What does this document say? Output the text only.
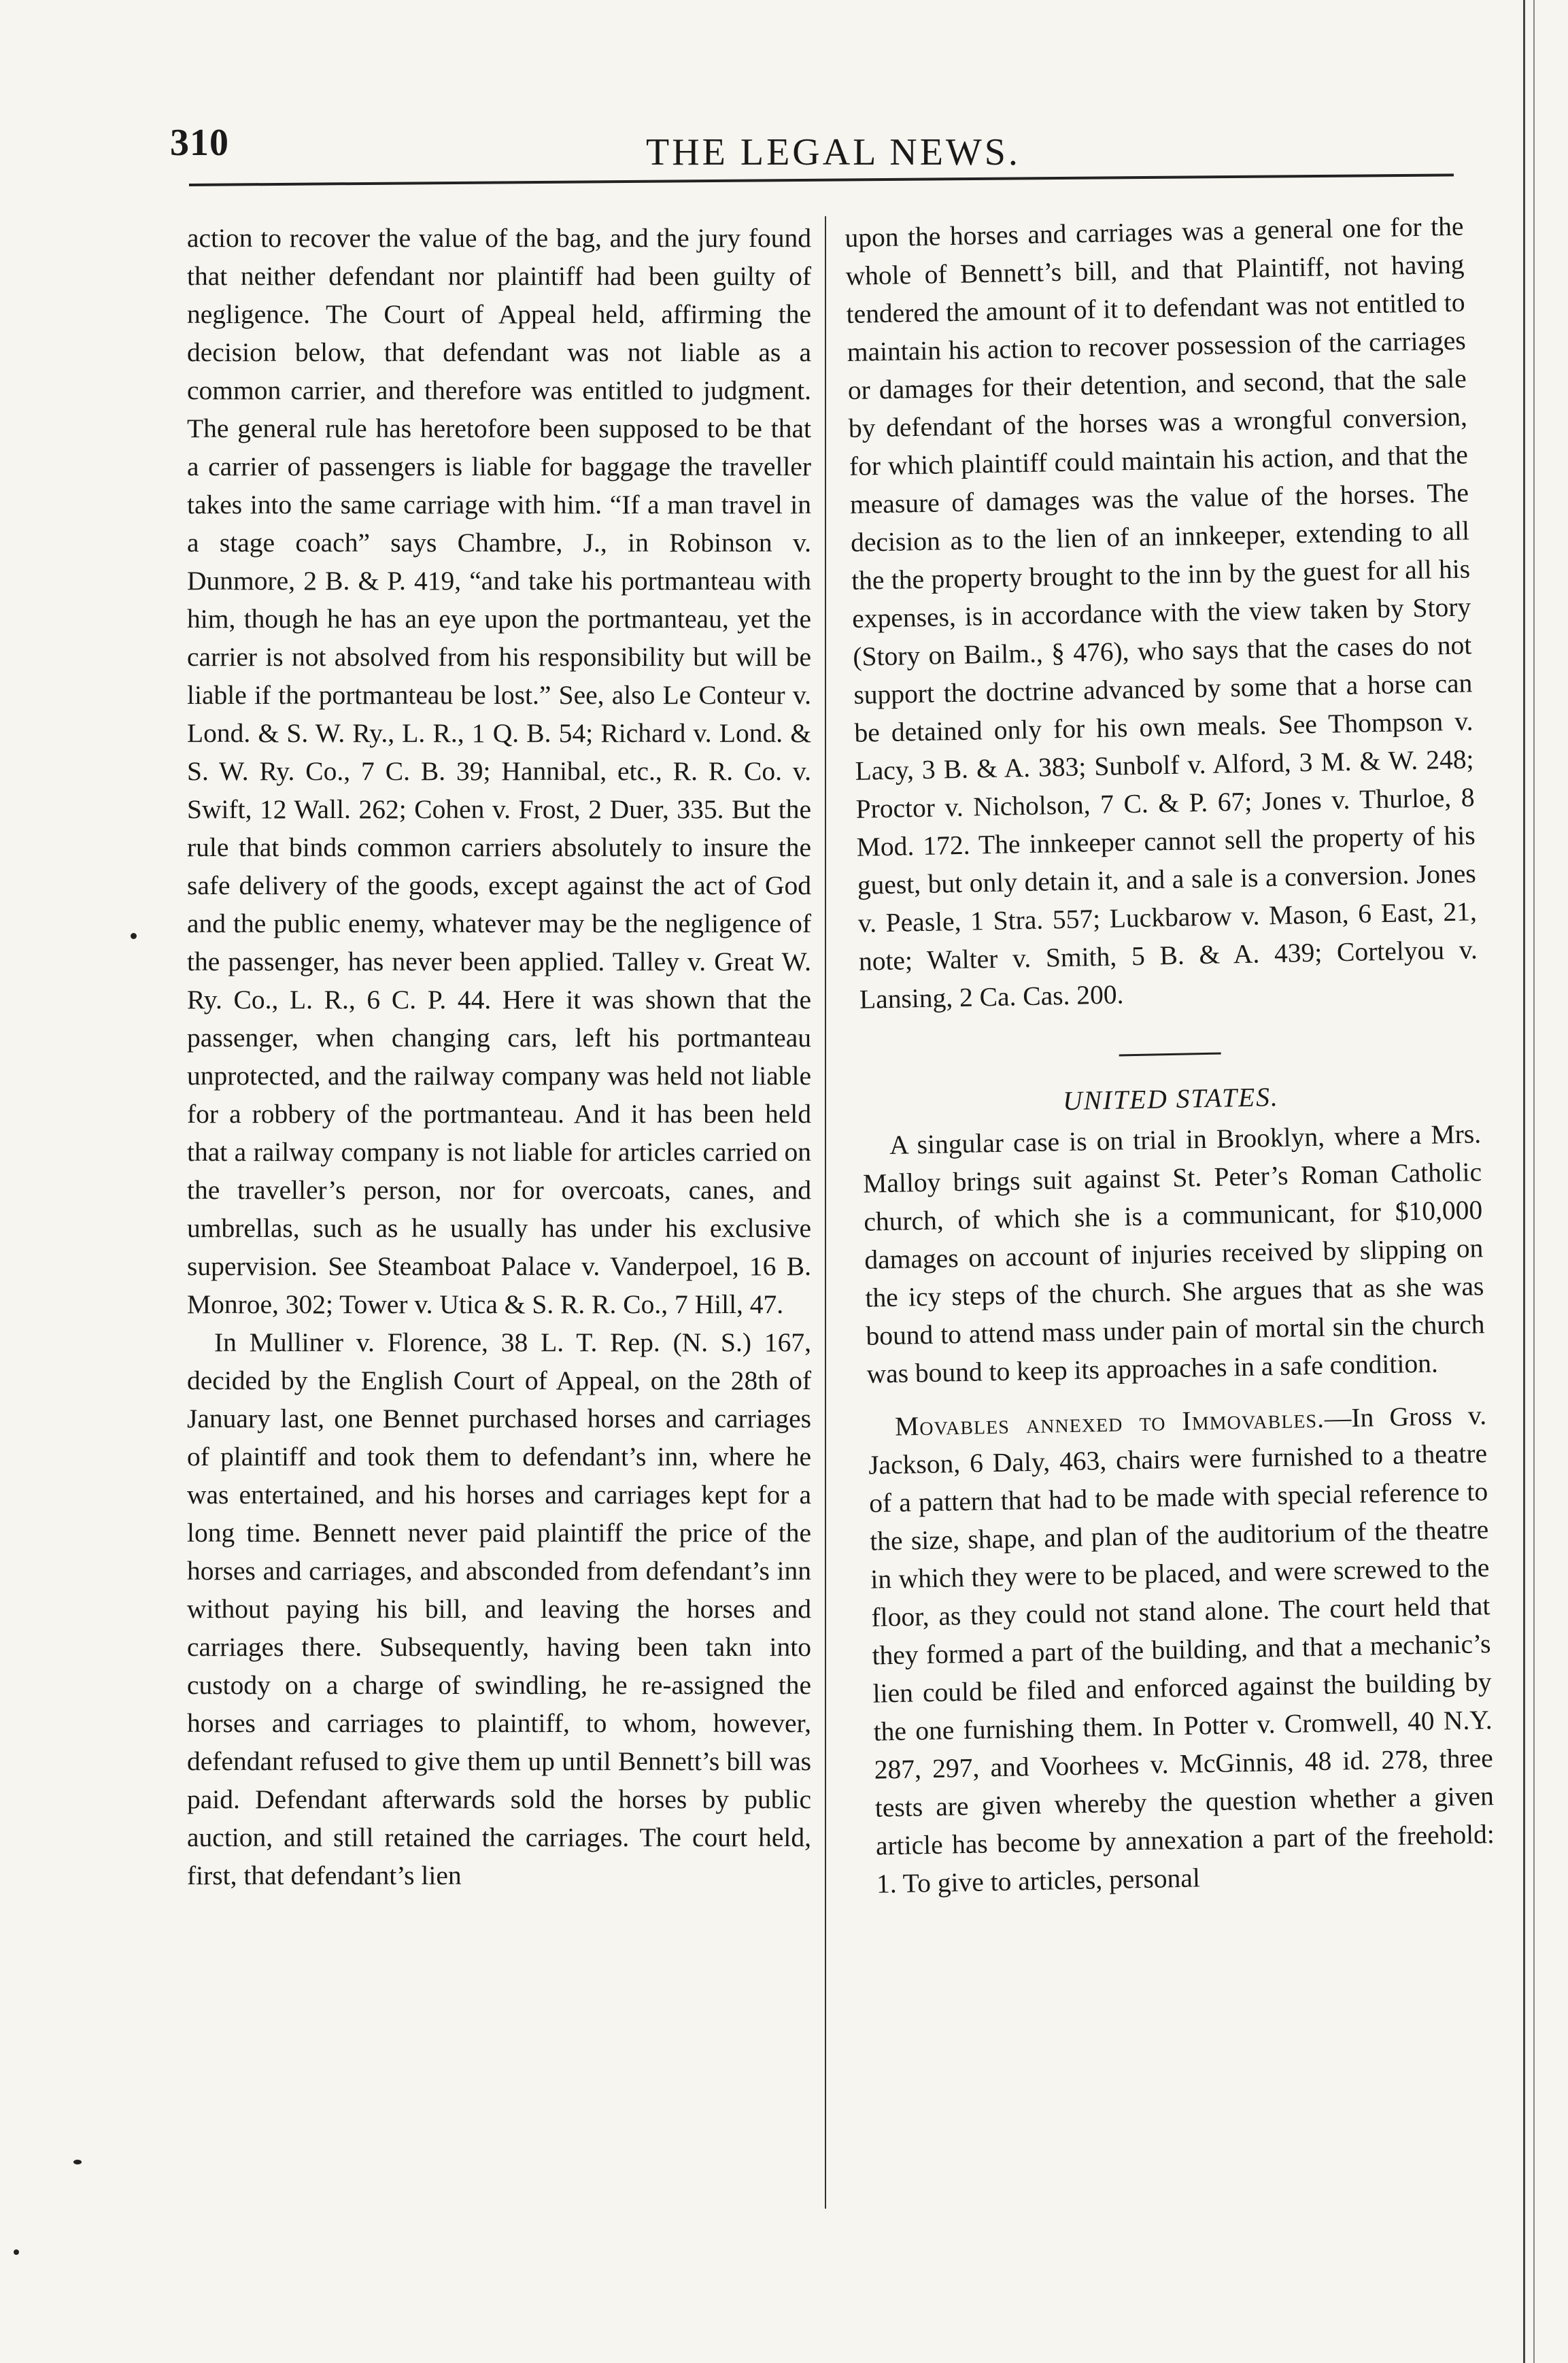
310	THE LEGAL NEWS.

action to recover the value of the bag, and the jury found that neither defendant nor plaintiff had been guilty of negligence. The Court of Appeal held, affirming the decision below, that defendant was not liable as a common carrier, and therefore was entitled to judgment. The general rule has heretofore been supposed to be that a carrier of passengers is liable for baggage the traveller takes into the same carriage with him. “If a man travel in a stage coach” says Chambre, J., in Robinson v. Dunmore, 2 B. & P. 419, “and take his portmanteau with him, though he has an eye upon the portmanteau, yet the carrier is not absolved from his responsibility but will be liable if the portmanteau be lost.” See, also Le Conteur v. Lond. & S. W. Ry., L. R., 1 Q. B. 54; Richard v. Lond. & S. W. Ry. Co., 7 C. B. 39; Hannibal, etc., R. R. Co. v. Swift, 12 Wall. 262; Cohen v. Frost, 2 Duer, 335. But the rule that binds common carriers absolutely to insure the safe delivery of the goods, except against the act of God and the public enemy, whatever may be the negligence of the passenger, has never been applied. Talley v. Great W. Ry. Co., L. R., 6 C. P. 44. Here it was shown that the passenger, when changing cars, left his portmanteau unprotected, and the railway company was held not liable for a robbery of the portmanteau. And it has been held that a railway company is not liable for articles carried on the traveller’s person, nor for overcoats, canes, and umbrellas, such as he usually has under his exclusive supervision. See Steamboat Palace v. Vanderpoel, 16 B. Monroe, 302; Tower v. Utica & S. R. R. Co., 7 Hill, 47.

In Mulliner v. Florence, 38 L. T. Rep. (N. S.) 167, decided by the English Court of Appeal, on the 28th of January last, one Bennet purchased horses and carriages of plaintiff and took them to defendant’s inn, where he was entertained, and his horses and carriages kept for a long time. Bennett never paid plaintiff the price of the horses and carriages, and absconded from defendant’s inn without paying his bill, and leaving the horses and carriages there. Subsequently, having been takn into custody on a charge of swindling, he re-assigned the horses and carriages to plaintiff, to whom, however, defendant refused to give them up until Bennett’s bill was paid. Defendant afterwards sold the horses by public auction, and still retained the carriages. The court held, first, that defendant’s lien

upon the horses and carriages was a general one for the whole of Bennett’s bill, and that Plaintiff, not having tendered the amount of it to defendant was not entitled to maintain his action to recover possession of the carriages or damages for their detention, and second, that the sale by defendant of the horses was a wrongful conversion, for which plaintiff could maintain his action, and that the measure of damages was the value of the horses. The decision as to the lien of an innkeeper, extending to all the the property brought to the inn by the guest for all his expenses, is in accordance with the view taken by Story (Story on Bailm., § 476), who says that the cases do not support the doctrine advanced by some that a horse can be detained only for his own meals. See Thompson v. Lacy, 3 B. & A. 383; Sunbolf v. Alford, 3 M. & W. 248; Proctor v. Nicholson, 7 C. & P. 67; Jones v. Thurloe, 8 Mod. 172. The innkeeper cannot sell the property of his guest, but only detain it, and a sale is a conversion. Jones v. Peasle, 1 Stra. 557; Luckbarow v. Mason, 6 East, 21, note; Walter v. Smith, 5 B. & A. 439; Cortelyou v. Lansing, 2 Ca. Cas. 200.

UNITED STATES.

A singular case is on trial in Brooklyn, where a Mrs. Malloy brings suit against St. Peter’s Roman Catholic church, of which she is a communicant, for $10,000 damages on account of injuries received by slipping on the icy steps of the church. She argues that as she was bound to attend mass under pain of mortal sin the church was bound to keep its approaches in a safe condition.

Movables annexed to Immovables.—In Gross v. Jackson, 6 Daly, 463, chairs were furnished to a theatre of a pattern that had to be made with special reference to the size, shape, and plan of the auditorium of the theatre in which they were to be placed, and were screwed to the floor, as they could not stand alone. The court held that they formed a part of the building, and that a mechanic’s lien could be filed and enforced against the building by the one furnishing them. In Potter v. Cromwell, 40 N.Y. 287, 297, and Voorhees v. McGinnis, 48 id. 278, three tests are given whereby the question whether a given article has become by annexation a part of the freehold: 1. To give to articles, personal
